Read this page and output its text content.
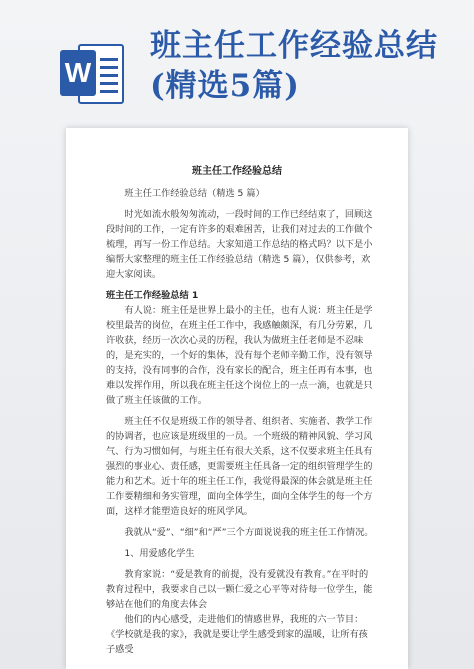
W
班主任工作经验总结(精选5篇)
班主任工作经验总结

班主任工作经验总结（精选 5 篇）

时光如流水般匆匆流动，一段时间的工作已经结束了，回顾这段时间的工作，一定有许多的艰难困苦，让我们对过去的工作做个梳理，再写一份工作总结。大家知道工作总结的格式吗？以下是小编帮大家整理的班主任工作经验总结（精选 5 篇），仅供参考，欢迎大家阅读。

班主任工作经验总结 1

有人说：班主任是世界上最小的主任，也有人说：班主任是学校里最苦的岗位，在班主任工作中，我感触颇深，有几分劳累，几许收获，经历一次次心灵的历程，我认为做班主任老师是不忍味的，是充实的，一个好的集体，没有每个老师辛勤工作，没有领导的支持，没有同事的合作，没有家长的配合，班主任再有本事，也难以发挥作用，所以我在班主任这个岗位上的一点一滴，也就是只做了班主任该做的工作。

班主任不仅是班级工作的领导者、组织者、实施者、教学工作的协调者，也应该是班级里的一员。一个班级的精神风貌、学习风气、行为习惯如何，与班主任有很大关系，这不仅要求班主任具有强烈的事业心、责任感，更需要班主任具备一定的组织管理学生的能力和艺术。近十年的班主任工作，我觉得最深的体会就是班主任工作要精细和务实管理，面向全体学生，面向全体学生的每一个方面，这样才能塑造良好的班风学风。

我就从“爱”、“细”和“严”三个方面说说我的班主任工作情况。

1、用爱感化学生

教育家说：“爱是教育的前提，没有爱就没有教育。”在平时的教育过程中，我要求自己以一颗仁爱之心平等对待每一位学生，能够站在他们的角度去体会

他们的内心感受，走进他们的情感世界，我班的六一节目：《学校就是我的家》，我就是要让学生感受到家的温暖，让所有孩子感受
